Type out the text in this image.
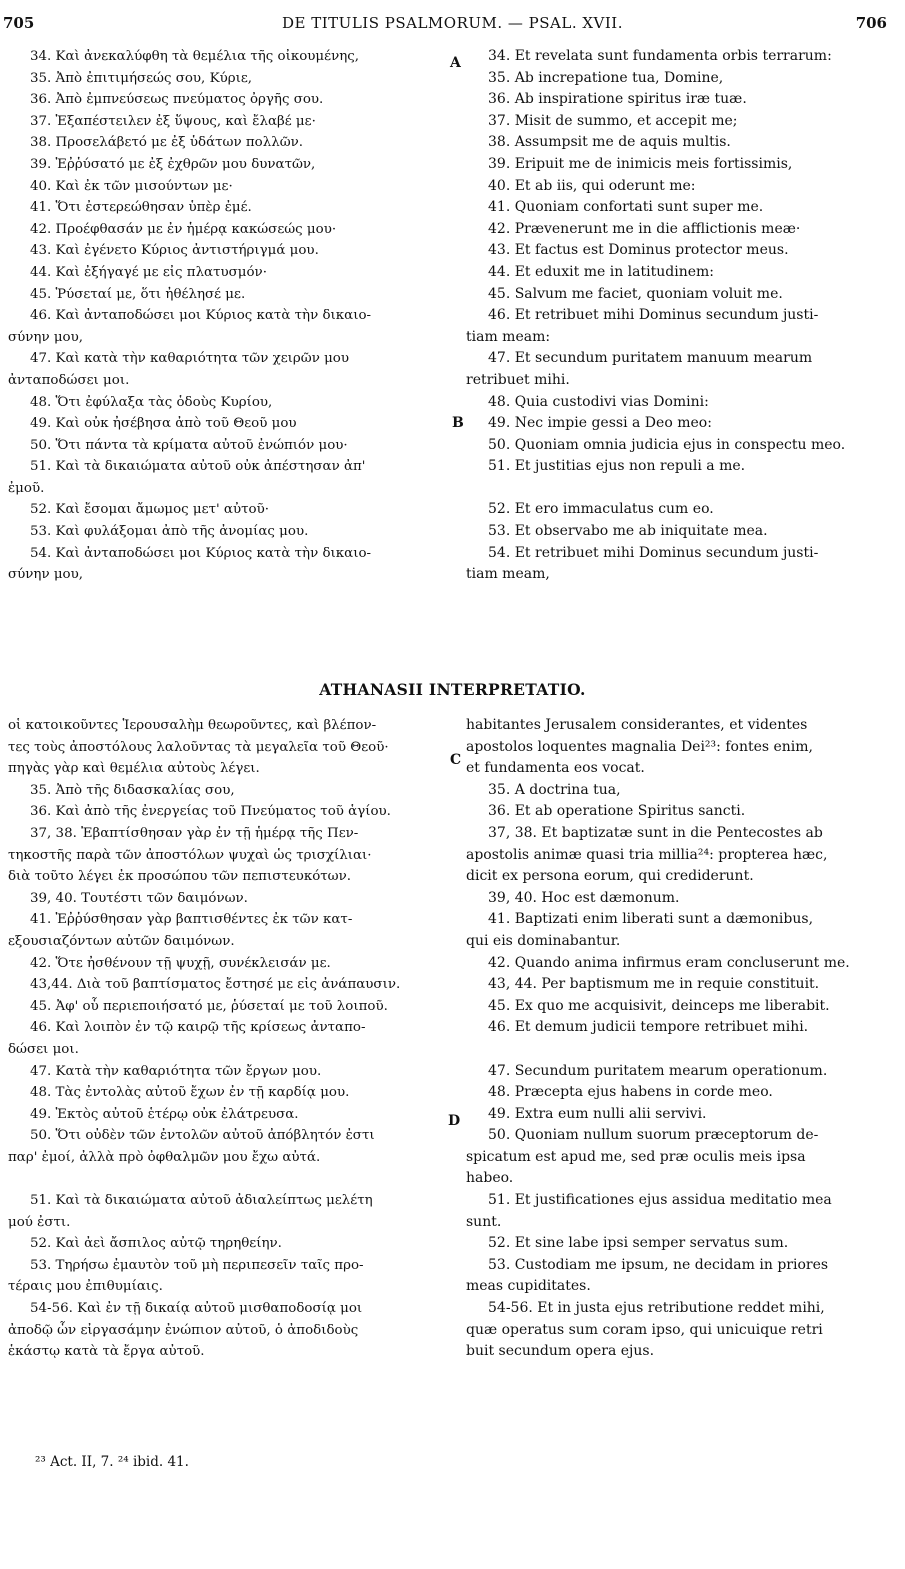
705	DE TITULIS PSALMORUM. — PSAL. XVII.	706
34. Καὶ ἀνεκαλύφθη τὰ θεμέλια τῆς οἰκουμένης,
35. Ἀπὸ ἐπιτιμήσεώς σου, Κύριε,
36. Ἀπὸ ἐμπνεύσεως πνεύματος ὀργῆς σου.
37. Ἐξαπέστειλεν ἐξ ὕψους, καὶ ἔλαβέ με·
38. Προσελάβετό με ἐξ ὑδάτων πολλῶν.
39. Ἐῤῥύσατό με ἐξ ἐχθρῶν μου δυνατῶν,
40. Καὶ ἐκ τῶν μισούντων με·
41. Ὅτι ἐστερεώθησαν ὑπὲρ ἐμέ.
42. Προέφθασάν με ἐν ἡμέρᾳ κακώσεώς μου·
43. Καὶ ἐγένετο Κύριος ἀντιστήριγμά μου.
44. Καὶ ἐξήγαγέ με εἰς πλατυσμόν·
45. Ῥύσεταί με, ὅτι ἠθέλησέ με.
46. Καὶ ἀνταποδώσει μοι Κύριος κατὰ τὴν δικαιο-
σύνην μου,
47. Καὶ κατὰ τὴν καθαριότητα τῶν χειρῶν μου
ἀνταποδώσει μοι.
48. Ὅτι ἐφύλαξα τὰς ὁδοὺς Κυρίου,
49. Καὶ οὐκ ἠσέβησα ἀπὸ τοῦ Θεοῦ μου
50. Ὅτι πάντα τὰ κρίματα αὐτοῦ ἐνώπιόν μου·
51. Καὶ τὰ δικαιώματα αὐτοῦ οὐκ ἀπέστησαν ἀπ'
ἐμοῦ.
52. Καὶ ἔσομαι ἄμωμος μετ' αὐτοῦ·
53. Καὶ φυλάξομαι ἀπὸ τῆς ἀνομίας μου.
54. Καὶ ἀνταποδώσει μοι Κύριος κατὰ τὴν δικαιο-
σύνην μου,
34. Et revelata sunt fundamenta orbis terrarum:
35. Ab increpatione tua, Domine,
36. Ab inspiratione spiritus iræ tuæ.
37. Misit de summo, et accepit me;
38. Assumpsit me de aquis multis.
39. Eripuit me de inimicis meis fortissimis,
40. Et ab iis, qui oderunt me:
41. Quoniam confortati sunt super me.
42. Prævenerunt me in die afflictionis meæ·
43. Et factus est Dominus protector meus.
44. Et eduxit me in latitudinem:
45. Salvum me faciet, quoniam voluit me.
46. Et retribuet mihi Dominus secundum justi-
tiam meam:
47. Et secundum puritatem manuum mearum
retribuet mihi.
48. Quia custodivi vias Domini:
49. Nec impie gessi a Deo meo:
50. Quoniam omnia judicia ejus in conspectu meo.
51. Et justitias ejus non repuli a me.
52. Et ero immaculatus cum eo.
53. Et observabo me ab iniquitate mea.
54. Et retribuet mihi Dominus secundum justi-
tiam meam,
A
B
ATHANASII INTERPRETATIO.
οἱ κατοικοῦντες Ἱερουσαλὴμ θεωροῦντες, καὶ βλέπον-
τες τοὺς ἀποστόλους λαλοῦντας τὰ μεγαλεῖα τοῦ Θεοῦ·
πηγὰς γὰρ καὶ θεμέλια αὐτοὺς λέγει.
35. Ἀπὸ τῆς διδασκαλίας σου,
36. Καὶ ἀπὸ τῆς ἐνεργείας τοῦ Πνεύματος τοῦ ἁγίου.
37, 38. Ἐβαπτίσθησαν γὰρ ἐν τῇ ἡμέρᾳ τῆς Πεν-
τηκοστῆς παρὰ τῶν ἀποστόλων ψυχαὶ ὡς τρισχίλιαι·
διὰ τοῦτο λέγει ἐκ προσώπου τῶν πεπιστευκότων.
39, 40. Τουτέστι τῶν δαιμόνων.
41. Ἐῤῥύσθησαν γὰρ βαπτισθέντες ἐκ τῶν κατ-
εξουσιαζόντων αὐτῶν δαιμόνων.
42. Ὅτε ἠσθένουν τῇ ψυχῇ, συνέκλεισάν με.
43,44. Διὰ τοῦ βαπτίσματος ἔστησέ με εἰς ἀνάπαυσιν.
45. Ἀφ' οὗ περιεποιήσατό με, ῥύσεταί με τοῦ λοιποῦ.
46. Καὶ λοιπὸν ἐν τῷ καιρῷ τῆς κρίσεως ἀνταπο-
δώσει μοι.
47. Κατὰ τὴν καθαριότητα τῶν ἔργων μου.
48. Τὰς ἐντολὰς αὐτοῦ ἔχων ἐν τῇ καρδίᾳ μου.
49. Ἐκτὸς αὐτοῦ ἑτέρῳ οὐκ ἐλάτρευσα.
50. Ὅτι οὐδὲν τῶν ἐντολῶν αὐτοῦ ἀπόβλητόν ἐστι
παρ' ἐμοί, ἀλλὰ πρὸ ὀφθαλμῶν μου ἔχω αὐτά.
51. Καὶ τὰ δικαιώματα αὐτοῦ ἀδιαλείπτως μελέτη
μού ἐστι.
52. Καὶ ἀεὶ ἄσπιλος αὐτῷ τηρηθείην.
53. Τηρήσω ἐμαυτὸν τοῦ μὴ περιπεσεῖν ταῖς προ-
τέραις μου ἐπιθυμίαις.
54-56. Καὶ ἐν τῇ δικαίᾳ αὐτοῦ μισθαποδοσίᾳ μοι
ἀποδῷ ὧν εἰργασάμην ἐνώπιον αὐτοῦ, ὁ ἀποδιδοὺς
ἑκάστῳ κατὰ τὰ ἔργα αὐτοῦ.
habitantes Jerusalem considerantes, et videntes
apostolos loquentes magnalia Dei²³: fontes enim,
et fundamenta eos vocat.
35. A doctrina tua,
36. Et ab operatione Spiritus sancti.
37, 38. Et baptizatæ sunt in die Pentecostes ab
apostolis animæ quasi tria millia²⁴: propterea hæc,
dicit ex persona eorum, qui crediderunt.
39, 40. Hoc est dæmonum.
41. Baptizati enim liberati sunt a dæmonibus,
qui eis dominabantur.
42. Quando anima infirmus eram concluserunt me.
43, 44. Per baptismum me in requie constituit.
45. Ex quo me acquisivit, deinceps me liberabit.
46. Et demum judicii tempore retribuet mihi.
47. Secundum puritatem mearum operationum.
48. Præcepta ejus habens in corde meo.
49. Extra eum nulli alii servivi.
50. Quoniam nullum suorum præceptorum de-
spicatum est apud me, sed præ oculis meis ipsa
habeo.
51. Et justificationes ejus assidua meditatio mea
sunt.
52. Et sine labe ipsi semper servatus sum.
53. Custodiam me ipsum, ne decidam in priores
meas cupiditates.
54-56. Et in justa ejus retributione reddet mihi,
quæ operatus sum coram ipso, qui unicuique retri
buit secundum opera ejus.
C
D
²³ Act. II, 7. ²⁴ ibid. 41.
